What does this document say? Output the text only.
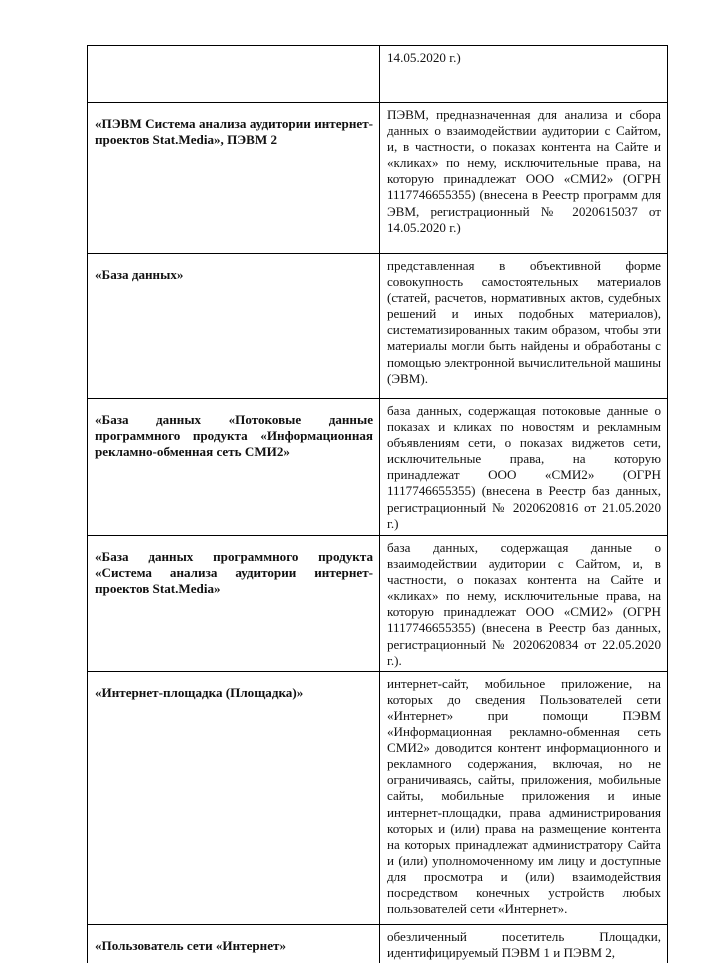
	14.05.2020 г.)
«ПЭВМ Система анализа аудитории интернет-проектов Stat.Media», ПЭВМ 2	ПЭВМ, предназначенная для анализа и сбора данных о взаимодействии аудитории с Сайтом, и, в частности, о показах контента на Сайте и «кликах» по нему, исключительные права, на которую принадлежат ООО «СМИ2» (ОГРН 1117746655355) (внесена в Реестр программ для ЭВМ, регистрационный № 2020615037 от 14.05.2020 г.)
«База данных»	представленная в объективной форме совокупность самостоятельных материалов (статей, расчетов, нормативных актов, судебных решений и иных подобных материалов), систематизированных таким образом, чтобы эти материалы могли быть найдены и обработаны с помощью электронной вычислительной машины (ЭВМ).
«База данных «Потоковые данные программного продукта «Информационная рекламно-обменная сеть СМИ2»	база данных, содержащая потоковые данные о показах и кликах по новостям и рекламным объявлениям сети, о показах виджетов сети, исключительные права, на которую принадлежат ООО «СМИ2» (ОГРН 1117746655355) (внесена в Реестр баз данных, регистрационный № 2020620816 от 21.05.2020 г.)
«База данных программного продукта «Система анализа аудитории интернет-проектов Stat.Media»	база данных, содержащая данные о взаимодействии аудитории с Сайтом, и, в частности, о показах контента на Сайте и «кликах» по нему, исключительные права, на которую принадлежат ООО «СМИ2» (ОГРН 1117746655355) (внесена в Реестр баз данных, регистрационный № 2020620834 от 22.05.2020 г.).
«Интернет-площадка (Площадка)»	интернет-сайт, мобильное приложение, на которых до сведения Пользователей сети «Интернет» при помощи ПЭВМ «Информационная рекламно-обменная сеть СМИ2» доводится контент информационного и рекламного содержания, включая, но не ограничиваясь, сайты, приложения, мобильные сайты, мобильные приложения и иные интернет-площадки, права администрирования которых и (или) права на размещение контента на которых принадлежат администратору Сайта и (или) уполномоченному им лицу и доступные для просмотра и (или) взаимодействия посредством конечных устройств любых пользователей сети «Интернет».
«Пользователь сети «Интернет»	обезличенный посетитель Площадки, идентифицируемый ПЭВМ 1 и ПЭВМ 2,
